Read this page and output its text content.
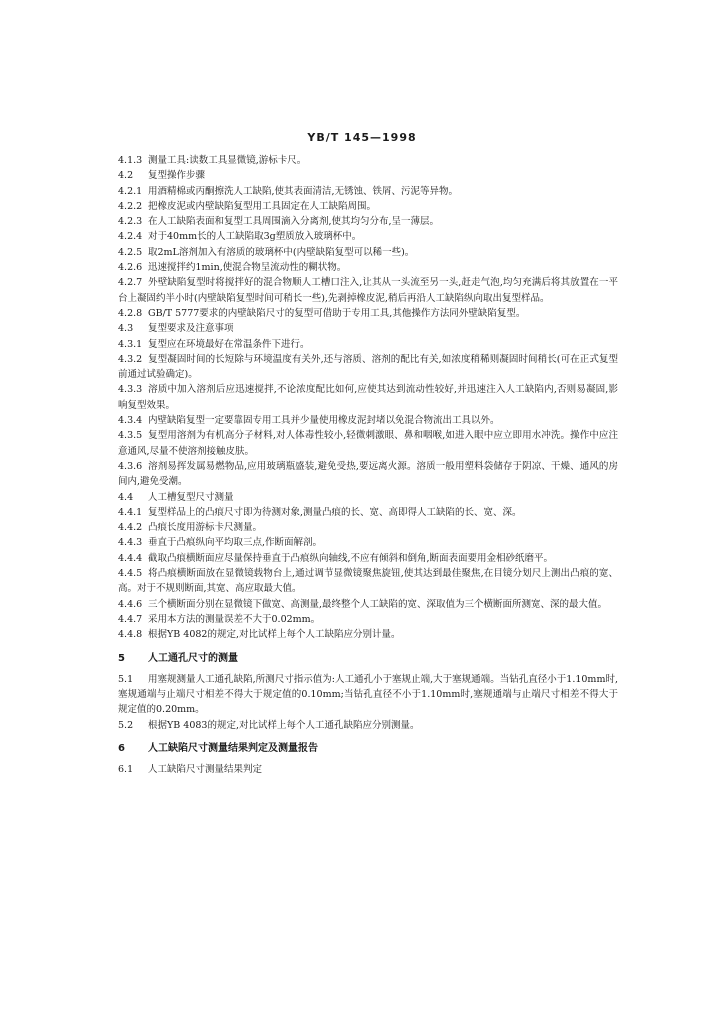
YB/T 145—1998

4.1.3 测量工具:读数工具显微镜,游标卡尺。

4.2 复型操作步骤

4.2.1 用酒精棉或丙酮擦洗人工缺陷,使其表面清洁,无锈蚀、铁屑、污泥等异物。

4.2.2 把橡皮泥或内壁缺陷复型用工具固定在人工缺陷周围。

4.2.3 在人工缺陷表面和复型工具周围滴入分离剂,使其均匀分布,呈一薄层。

4.2.4 对于40mm长的人工缺陷取3g塑质放入玻璃杯中。

4.2.5 取2mL溶剂加入有溶质的玻璃杯中(内壁缺陷复型可以稀一些)。

4.2.6 迅速搅拌约1min,使混合物呈流动性的糊状物。

4.2.7 外壁缺陷复型时将搅拌好的混合物顺人工槽口注入,让其从一头流至另一头,赶走气泡,均匀充满后将其放置在一平台上凝固约半小时(内壁缺陷复型时间可稍长一些),先剥掉橡皮泥,稍后再沿人工缺陷纵向取出复型样品。

4.2.8 GB/T 5777要求的内壁缺陷尺寸的复型可借助于专用工具,其他操作方法同外壁缺陷复型。

4.3 复型要求及注意事项

4.3.1 复型应在环境最好在常温条件下进行。

4.3.2 复型凝固时间的长短除与环境温度有关外,还与溶质、溶剂的配比有关,如浓度稍稀则凝固时间稍长(可在正式复型前通过试验确定)。

4.3.3 溶质中加入溶剂后应迅速搅拌,不论浓度配比如何,应使其达到流动性较好,并迅速注入人工缺陷内,否则易凝固,影响复型效果。

4.3.4 内壁缺陷复型一定要靠固专用工具并少量使用橡皮泥封堵以免混合物流出工具以外。

4.3.5 复型用溶剂为有机高分子材料,对人体毒性较小,轻微刺激眼、鼻和咽喉,如进入眼中应立即用水冲洗。操作中应注意通风,尽量不使溶剂接触皮肤。

4.3.6 溶剂易挥发属易燃物品,应用玻璃瓶盛装,避免受热,要远离火源。溶质一般用塑料袋储存于阴凉、干燥、通风的房间内,避免受潮。

4.4 人工槽复型尺寸测量

4.4.1 复型样品上的凸痕尺寸即为待测对象,测量凸痕的长、宽、高即得人工缺陷的长、宽、深。

4.4.2 凸痕长度用游标卡尺测量。

4.4.3 垂直于凸痕纵向平均取三点,作断面解剖。

4.4.4 截取凸痕横断面应尽量保持垂直于凸痕纵向轴线,不应有倾斜和倒角,断面表面要用金相砂纸磨平。

4.4.5 将凸痕横断面放在显微镜载物台上,通过调节显微镜聚焦旋钮,使其达到最佳聚焦,在目镜分划尺上测出凸痕的宽、高。对于不规则断面,其宽、高应取最大值。

4.4.6 三个横断面分别在显微镜下做宽、高测量,最终整个人工缺陷的宽、深取值为三个横断面所测宽、深的最大值。

4.4.7 采用本方法的测量误差不大于0.02mm。

4.4.8 根据YB 4082的规定,对比试样上每个人工缺陷应分别计量。

5 人工通孔尺寸的测量

5.1 用塞规测量人工通孔缺陷,所测尺寸指示值为:人工通孔小于塞规止端,大于塞规通端。当钻孔直径小于1.10mm时,塞规通端与止端尺寸相差不得大于规定值的0.10mm;当钻孔直径不小于1.10mm时,塞规通端与止端尺寸相差不得大于规定值的0.20mm。

5.2 根据YB 4083的规定,对比试样上每个人工通孔缺陷应分别测量。

6 人工缺陷尺寸测量结果判定及测量报告

6.1 人工缺陷尺寸测量结果判定
